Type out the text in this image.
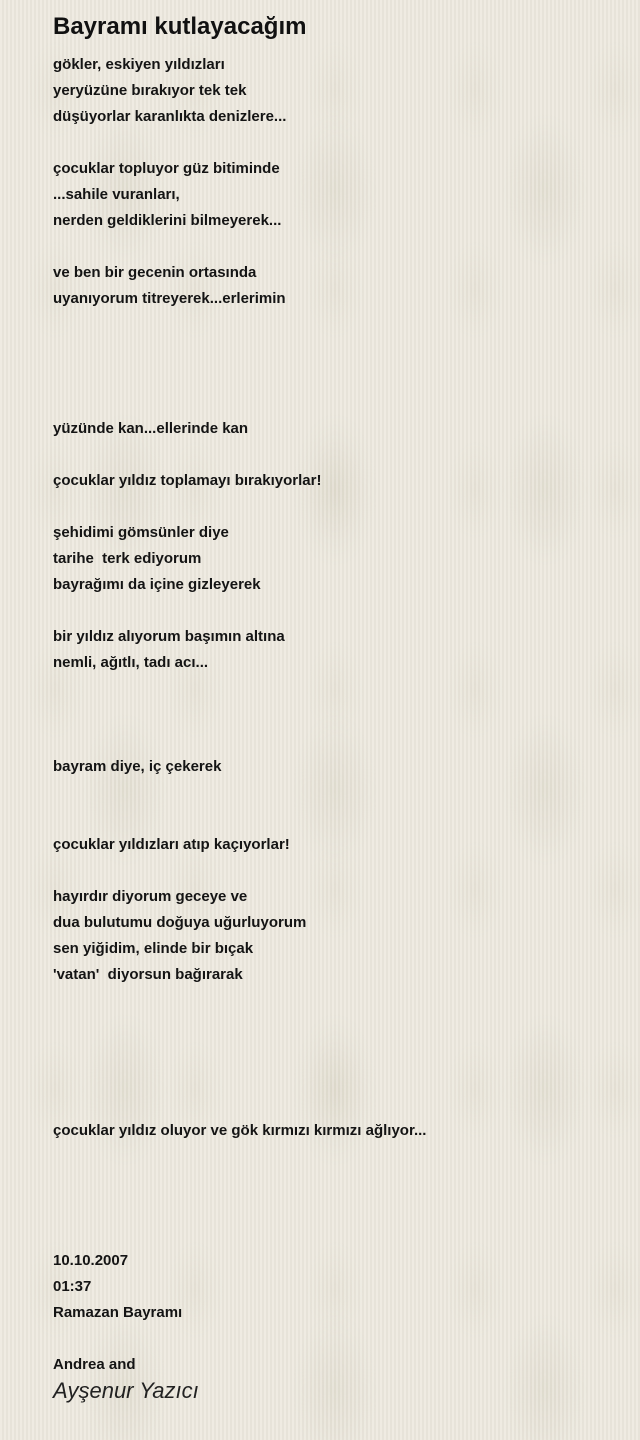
Bayramı kutlayacağım
gökler, eskiyen yıldızları
yeryüzüne bırakıyor tek tek
düşüyorlar karanlıkta denizlere...
çocuklar topluyor güz bitiminde
...sahile vuranları,
nerden geldiklerini bilmeyerek...
ve ben bir gecenin ortasında
uyanıyorum titreyerek...erlerimin
yüzünde kan...ellerinde kan
çocuklar yıldız toplamayı bırakıyorlar!
şehidimi gömsünler diye
tarihe  terk ediyorum
bayrağımı da içine gizleyerek
bir yıldız alıyorum başımın altına
nemli, ağıtlı, tadı acı...
bayram diye, iç çekerek
çocuklar yıldızları atıp kaçıyorlar!
hayırdır diyorum geceye ve
dua bulutumu doğuya uğurluyorum
sen yiğidim, elinde bir bıçak
'vatan'  diyorsun bağırarak
çocuklar yıldız oluyor ve gök kırmızı kırmızı ağlıyor...
10.10.2007
01:37
Ramazan Bayramı
Andrea and
Ayşenur Yazıcı
